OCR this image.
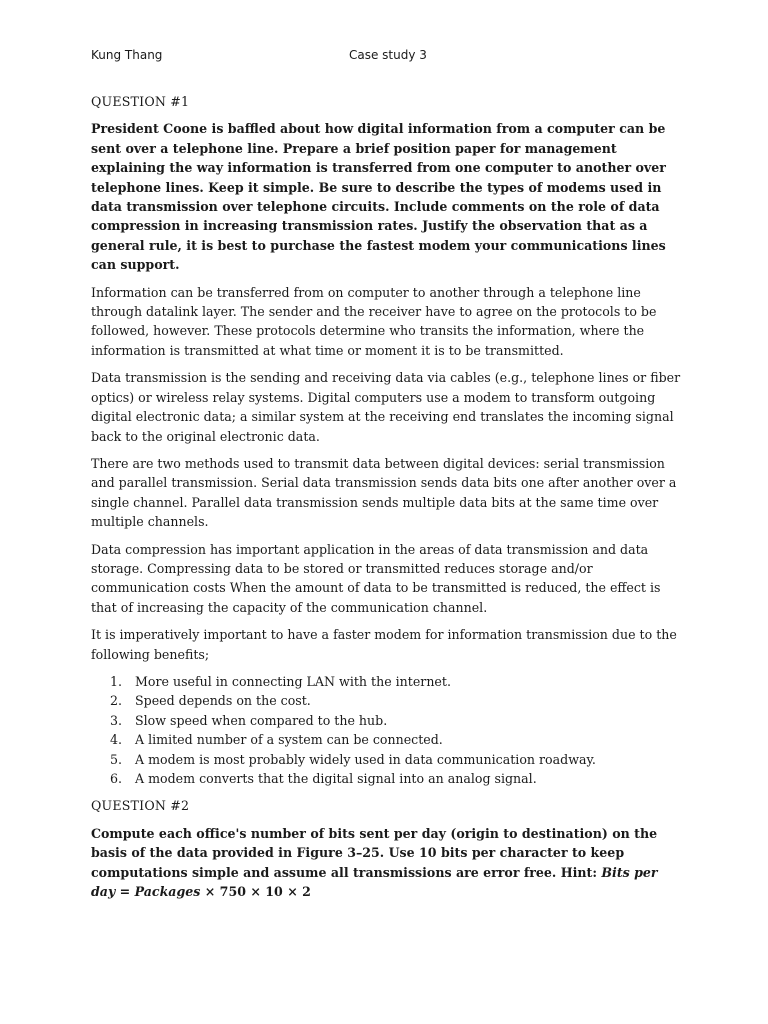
Kung Thang	Case study 3

QUESTION #1

President Coone is baffled about how digital information from a computer can be sent over a telephone line. Prepare a brief position paper for management explaining the way information is transferred from one computer to another over telephone lines. Keep it simple. Be sure to describe the types of modems used in data transmission over telephone circuits. Include comments on the role of data compression in increasing transmission rates. Justify the observation that as a general rule, it is best to purchase the fastest modem your communications lines can support.

Information can be transferred from on computer to another through a telephone line through datalink layer. The sender and the receiver have to agree on the protocols to be followed, however. These protocols determine who transits the information, where the information is transmitted at what time or moment it is to be transmitted.

Data transmission is the sending and receiving data via cables (e.g., telephone lines or fiber optics) or wireless relay systems. Digital computers use a modem to transform outgoing digital electronic data; a similar system at the receiving end translates the incoming signal back to the original electronic data.

There are two methods used to transmit data between digital devices: serial transmission and parallel transmission. Serial data transmission sends data bits one after another over a single channel. Parallel data transmission sends multiple data bits at the same time over multiple channels.

Data compression has important application in the areas of data transmission and data storage. Compressing data to be stored or transmitted reduces storage and/or communication costs When the amount of data to be transmitted is reduced, the effect is that of increasing the capacity of the communication channel.

It is imperatively important to have a faster modem for information transmission due to the following benefits;

1. More useful in connecting LAN with the internet.
2. Speed depends on the cost.
3. Slow speed when compared to the hub.
4. A limited number of a system can be connected.
5. A modem is most probably widely used in data communication roadway.
6. A modem converts that the digital signal into an analog signal.

QUESTION #2

Compute each office's number of bits sent per day (origin to destination) on the basis of the data provided in Figure 3–25. Use 10 bits per character to keep computations simple and assume all transmissions are error free. Hint: Bits per day = Packages × 750 × 10 × 2
